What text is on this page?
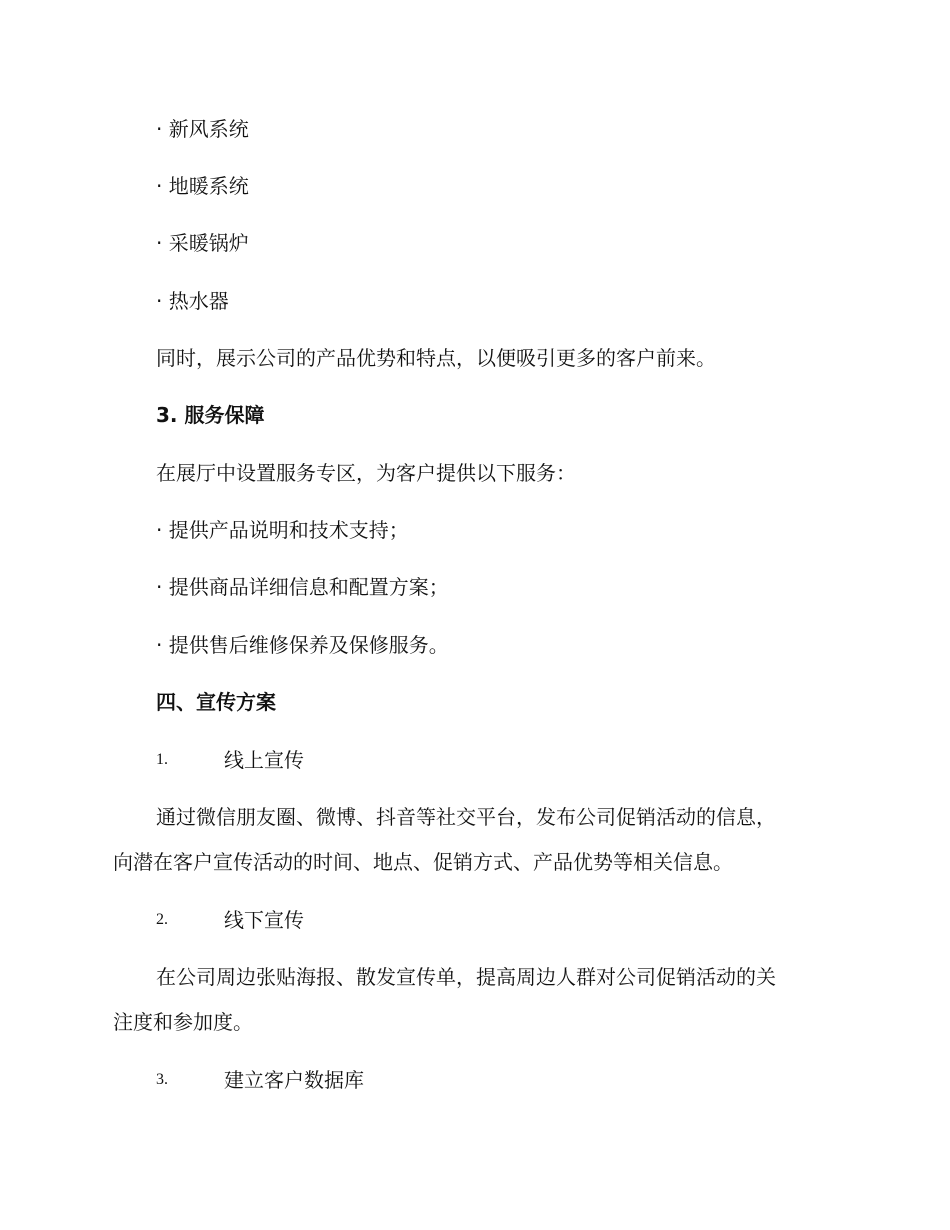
· 新风系统
· 地暖系统
· 采暖锅炉
· 热水器
同时，展示公司的产品优势和特点，以便吸引更多的客户前来。
3. 服务保障
在展厅中设置服务专区，为客户提供以下服务：
· 提供产品说明和技术支持；
· 提供商品详细信息和配置方案；
· 提供售后维修保养及保修服务。
四、宣传方案
1.	线上宣传
通过微信朋友圈、微博、抖音等社交平台，发布公司促销活动的信息，
向潜在客户宣传活动的时间、地点、促销方式、产品优势等相关信息。
2.	线下宣传
在公司周边张贴海报、散发宣传单，提高周边人群对公司促销活动的关
注度和参加度。
3.	建立客户数据库
